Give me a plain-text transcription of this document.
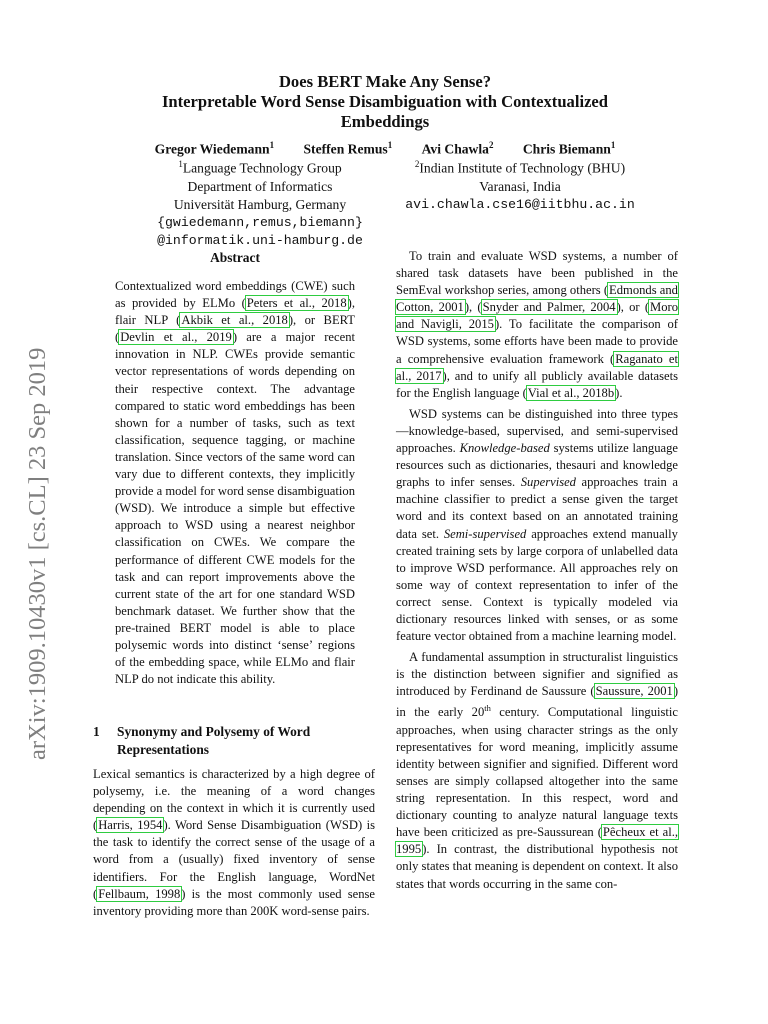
arXiv:1909.10430v1 [cs.CL] 23 Sep 2019
Does BERT Make Any Sense?
Interpretable Word Sense Disambiguation with Contextualized
Embeddings
Gregor Wiedemann$^1$ Steffen Remus$^1$ Avi Chawla$^2$ Chris Biemann$^1$
$^1$Language Technology Group
Department of Informatics
Universität Hamburg, Germany
{gwiedemann,remus,biemann}
@informatik.uni-hamburg.de
$^2$Indian Institute of Technology (BHU)
Varanasi, India
avi.chawla.cse16@iitbhu.ac.in
Abstract

Contextualized word embeddings (CWE) such as provided by ELMo (Peters et al., 2018), flair NLP (Akbik et al., 2018), or BERT (Devlin et al., 2019) are a major recent innovation in NLP. CWEs provide semantic vector representations of words depending on their respective context. The advantage compared to static word embeddings has been shown for a number of tasks, such as text classification, sequence tagging, or machine translation. Since vectors of the same word can vary due to different contexts, they implicitly provide a model for word sense disambiguation (WSD). We introduce a simple but effective approach to WSD using a nearest neighbor classification on CWEs. We compare the performance of different CWE models for the task and can report improvements above the current state of the art for one standard WSD benchmark dataset. We further show that the pre-trained BERT model is able to place polysemic words into distinct ‘sense’ regions of the embedding space, while ELMo and flair NLP do not indicate this ability.

1 Synonymy and Polysemy of Word Representations

Lexical semantics is characterized by a high degree of polysemy, i.e. the meaning of a word changes depending on the context in which it is currently used (Harris, 1954). Word Sense Disambiguation (WSD) is the task to identify the correct sense of the usage of a word from a (usually) fixed inventory of sense identifiers. For the English language, WordNet (Fellbaum, 1998) is the most commonly used sense inventory providing more than 200K word-sense pairs.

To train and evaluate WSD systems, a number of shared task datasets have been published in the SemEval workshop series, among others (Edmonds and Cotton, 2001), (Snyder and Palmer, 2004), or (Moro and Navigli, 2015). To facilitate the comparison of WSD systems, some efforts have been made to provide a comprehensive evaluation framework (Raganato et al., 2017), and to unify all publicly available datasets for the English language (Vial et al., 2018b).

WSD systems can be distinguished into three types—knowledge-based, supervised, and semi-supervised approaches. Knowledge-based systems utilize language resources such as dictionaries, thesauri and knowledge graphs to infer senses. Supervised approaches train a machine classifier to predict a sense given the target word and its context based on an annotated training data set. Semi-supervised approaches extend manually created training sets by large corpora of unlabelled data to improve WSD performance. All approaches rely on some way of context representation to infer of the correct sense. Context is typically modeled via dictionary resources linked with senses, or as some feature vector obtained from a machine learning model.

A fundamental assumption in structuralist linguistics is the distinction between signifier and signified as introduced by Ferdinand de Saussure (Saussure, 2001) in the early 20th century. Computational linguistic approaches, when using character strings as the only representatives for word meaning, implicitly assume identity between signifier and signified. Different word senses are simply collapsed altogether into the same string representation. In this respect, word and dictionary counting to analyze natural language texts have been criticized as pre-Saussurean (Pêcheux et al., 1995). In contrast, the distributional hypothesis not only states that meaning is dependent on context. It also states that words occurring in the same con-
